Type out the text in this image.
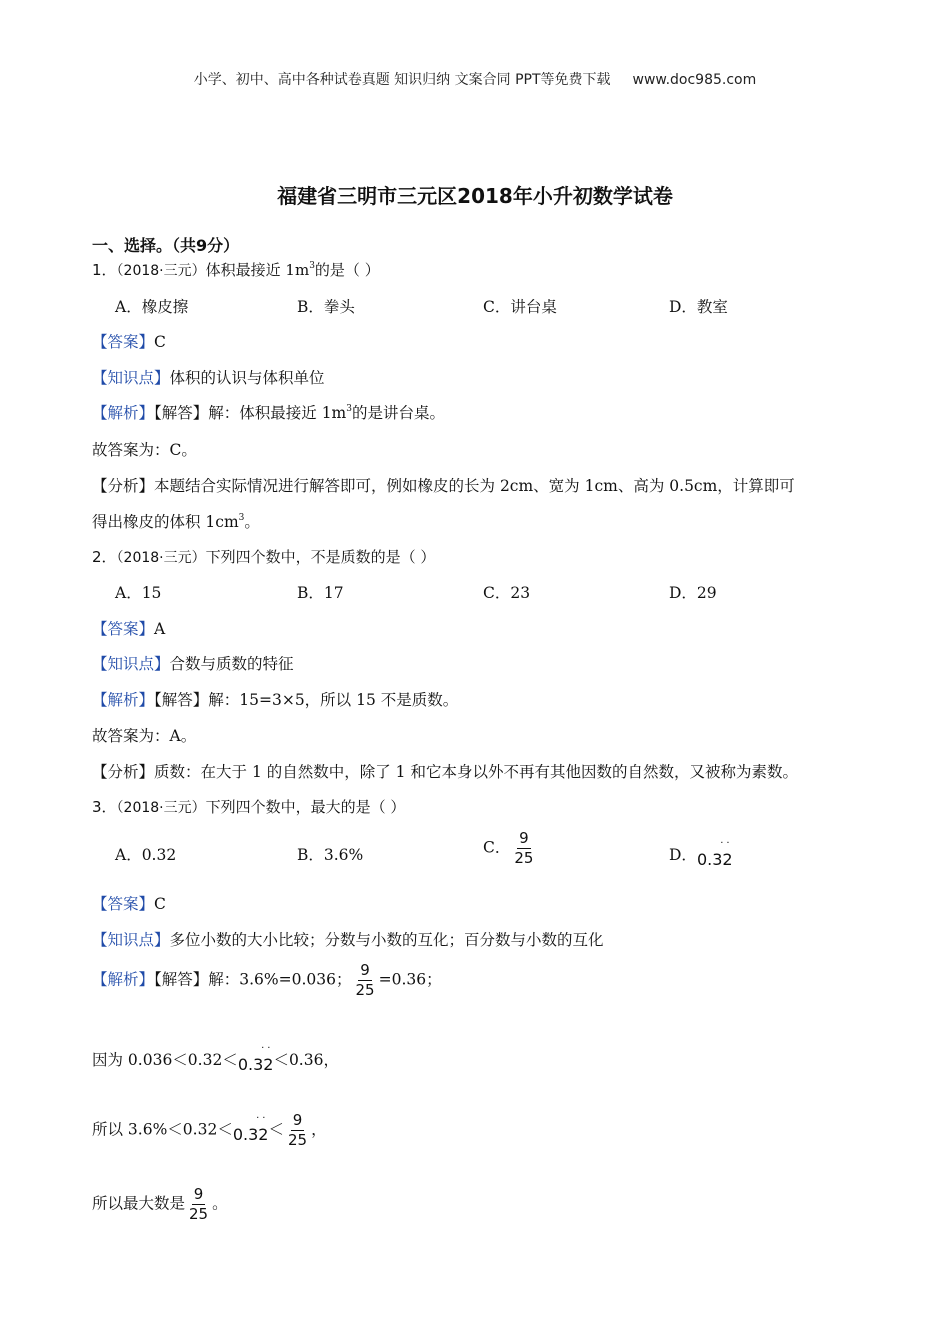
小学、初中、高中各种试卷真题 知识归纳 文案合同 PPT等免费下载 www.doc985.com
福建省三明市三元区2018年小升初数学试卷
一、选择。（共9分）
1．（2018·三元）体积最接近 $1m^3$的是（ ）
A．橡皮擦	B．拳头	C．讲台桌	D．教室
【答案】C
【知识点】体积的认识与体积单位
【解析】【解答】解：体积最接近 $1m^3$的是讲台桌。
故答案为：C。
【分析】本题结合实际情况进行解答即可，例如橡皮的长为 2cm、宽为 1cm、高为 0.5cm，计算即可
得出橡皮的体积 $1cm^3$。
2．（2018·三元）下列四个数中，不是质数的是（ ）
A．15	B．17	C．23	D．29
【答案】A
【知识点】合数与质数的特征
【解析】【解答】解：15=3×5，所以 15 不是质数。
故答案为：A。
【分析】质数：在大于 1 的自然数中，除了 1 和它本身以外不再有其他因数的自然数，又被称为素数。
3．（2018·三元）下列四个数中，最大的是（ ）
A．0.32	B．3.6%	C． $\frac{9}{25}$	D．
··
0.32
【答案】C
【知识点】多位小数的大小比较；分数与小数的互化；百分数与小数的互化
【解析】【解答】解：3.6%=0.036； $\frac{9}{25} =0.36$；
因为 0.036＜0.32＜
··
0.32＜0.36，
所以 3.6%＜0.32＜
··
$0.32< \frac{9}{25}$ ，
所以最大数是 $\frac{9}{25}$ 。
